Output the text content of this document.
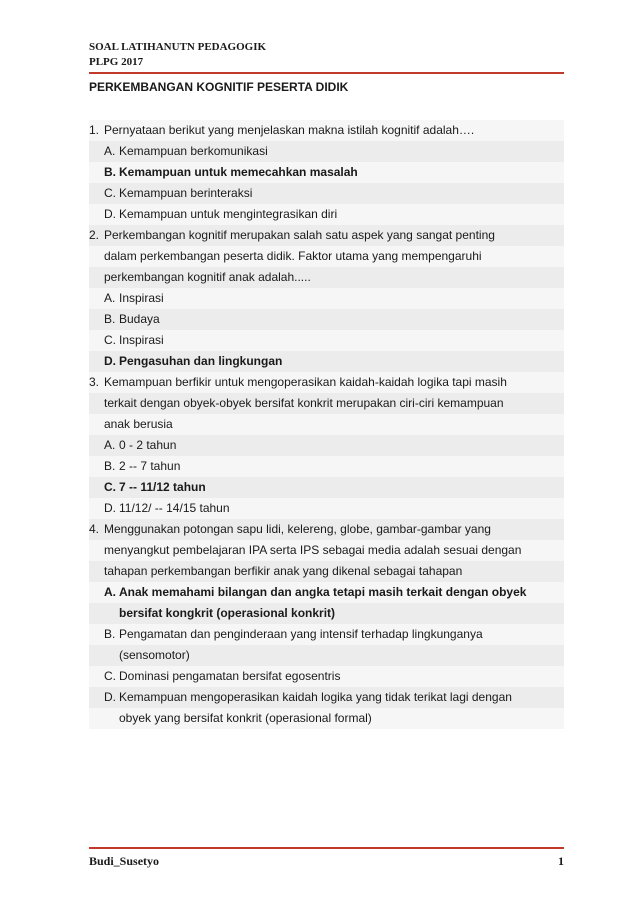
SOAL LATIHANUTN PEDAGOGIK
PLPG 2017
PERKEMBANGAN KOGNITIF PESERTA DIDIK
1. Pernyataan berikut yang menjelaskan makna istilah kognitif adalah….
A. Kemampuan berkomunikasi
B. Kemampuan untuk memecahkan masalah
C. Kemampuan berinteraksi
D. Kemampuan untuk mengintegrasikan diri
2. Perkembangan kognitif merupakan salah satu aspek yang sangat penting
dalam perkembangan peserta didik. Faktor utama yang mempengaruhi
perkembangan kognitif anak adalah.....
A. Inspirasi
B. Budaya
C. Inspirasi
D. Pengasuhan dan lingkungan
3. Kemampuan berfikir untuk mengoperasikan kaidah-kaidah logika tapi masih
terkait dengan obyek-obyek bersifat konkrit merupakan ciri-ciri kemampuan
anak berusia
A. 0 - 2 tahun
B. 2 -- 7 tahun
C. 7 -- 11/12 tahun
D. 11/12/ -- 14/15 tahun
4. Menggunakan potongan sapu lidi, kelereng, globe, gambar-gambar yang
menyangkut pembelajaran IPA serta IPS sebagai media adalah sesuai dengan
tahapan perkembangan berfikir anak yang dikenal sebagai tahapan
A. Anak memahami bilangan dan angka tetapi masih terkait dengan obyek
bersifat kongkrit (operasional konkrit)
B. Pengamatan dan penginderaan yang intensif terhadap lingkunganya
(sensomotor)
C. Dominasi pengamatan bersifat egosentris
D. Kemampuan mengoperasikan kaidah logika yang tidak terikat lagi dengan
obyek yang bersifat konkrit (operasional formal)
Budi_Susetyo	1
